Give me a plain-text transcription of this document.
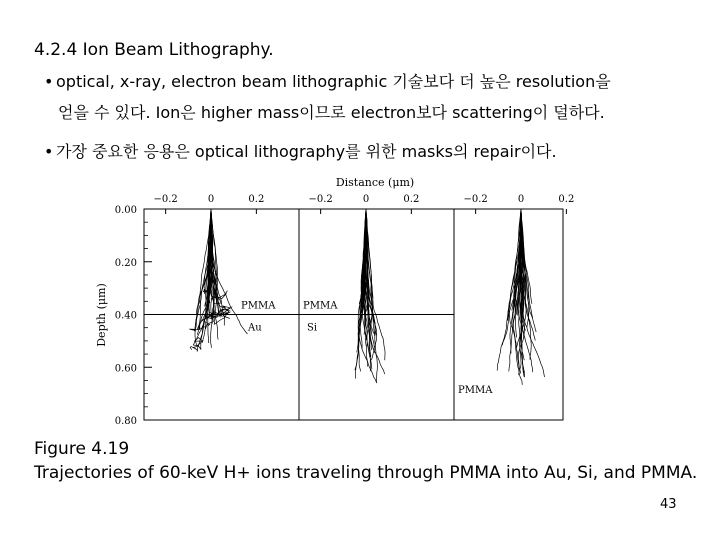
4.2.4 Ion Beam Lithography.
• optical, x-ray, electron beam lithographic 기술보다 더 높은 resolution을
얻을 수 있다. Ion은 higher mass이므로 electron보다 scattering이 덜하다.
• 가장 중요한 응용은 optical lithography를 위한 masks의 repair이다.
Distance (μm)
Depth (μm)
0.00
0.20
0.40
0.60
0.80
−0.2	0	0.2	−0.2	0	0.2	−0.2	0	0.2
PMMA
Au
PMMA
Si
PMMA
Figure 4.19
Trajectories of 60-keV H+ ions traveling through PMMA into Au, Si, and PMMA.
43
